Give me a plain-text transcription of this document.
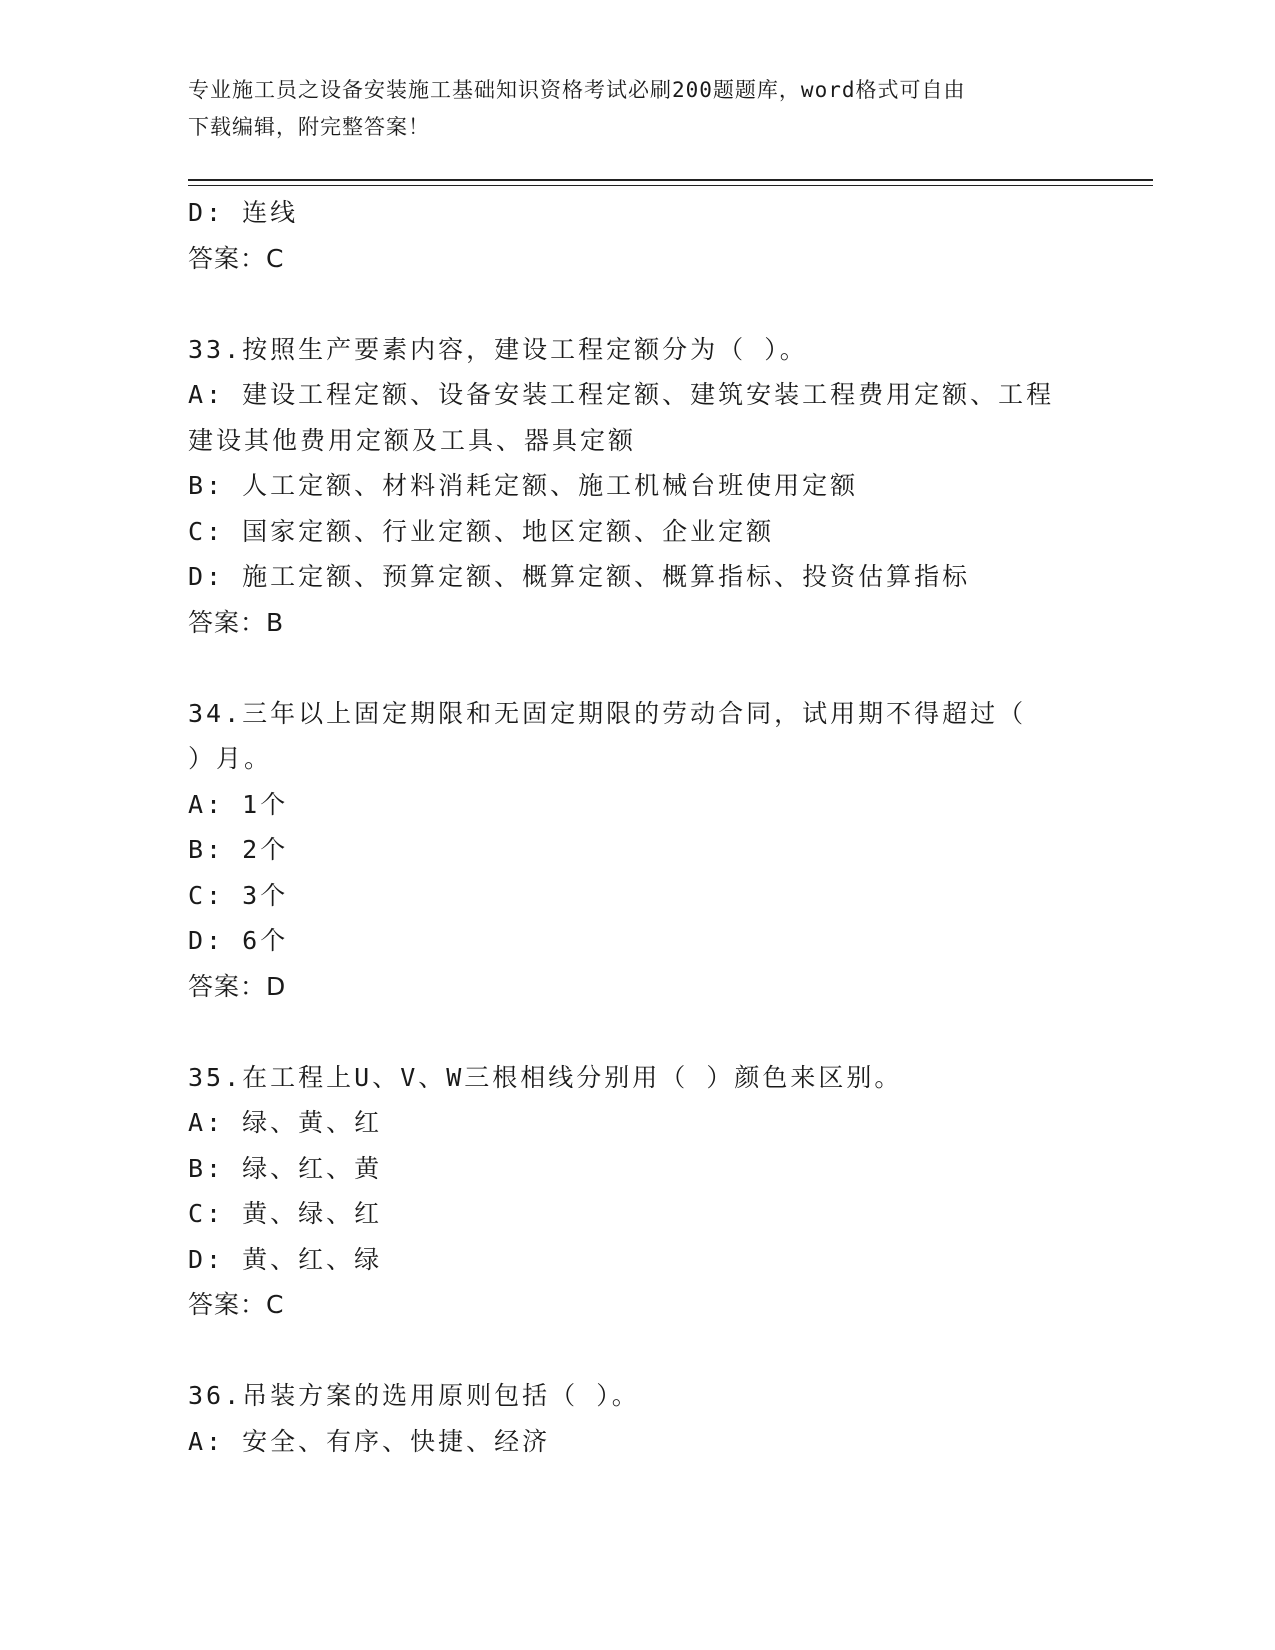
专业施工员之设备安装施工基础知识资格考试必刷200题题库，word格式可自由
下载编辑，附完整答案！
D: 连线
答案：C
33.按照生产要素内容，建设工程定额分为（ ）。
A: 建设工程定额、设备安装工程定额、建筑安装工程费用定额、工程
建设其他费用定额及工具、器具定额
B: 人工定额、材料消耗定额、施工机械台班使用定额
C: 国家定额、行业定额、地区定额、企业定额
D: 施工定额、预算定额、概算定额、概算指标、投资估算指标
答案：B
34.三年以上固定期限和无固定期限的劳动合同，试用期不得超过（
）月。
A: 1个
B: 2个
C: 3个
D: 6个
答案：D
35.在工程上U、V、W三根相线分别用（ ）颜色来区别。
A: 绿、黄、红
B: 绿、红、黄
C: 黄、绿、红
D: 黄、红、绿
答案：C
36.吊装方案的选用原则包括（ ）。
A: 安全、有序、快捷、经济
